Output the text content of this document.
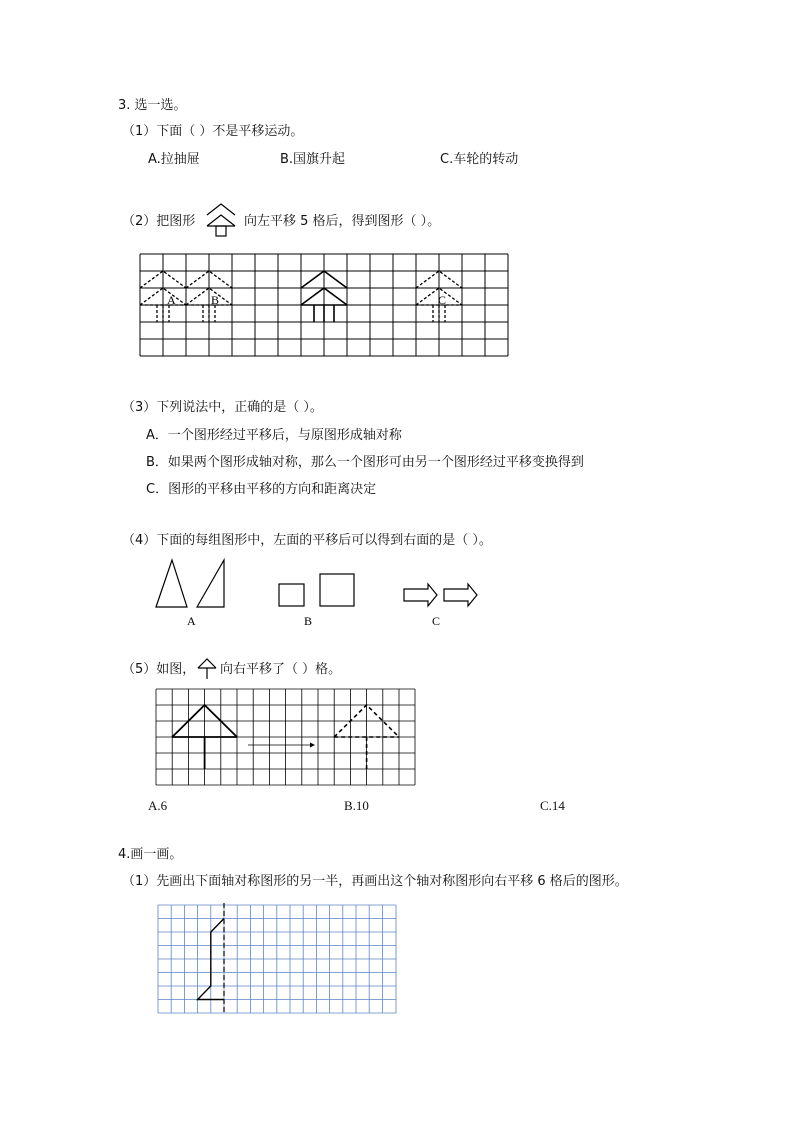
3. 选一选。
（1）下面（ ）不是平移运动。
A.拉抽屉	B.国旗升起	C.车轮的转动
（2）把图形	向左平移 5 格后，得到图形（ ）。
A	B	C
（3）下列说法中，正确的是（ ）。
A．一个图形经过平移后，与原图形成轴对称
B．如果两个图形成轴对称，那么一个图形可由另一个图形经过平移变换得到
C．图形的平移由平移的方向和距离决定
（4）下面的每组图形中，左面的平移后可以得到右面的是（ ）。
A	B	C
（5）如图， 向右平移了（ ）格。
A.6	B.10	C.14
4.画一画。
（1）先画出下面轴对称图形的另一半，再画出这个轴对称图形向右平移 6 格后的图形。
